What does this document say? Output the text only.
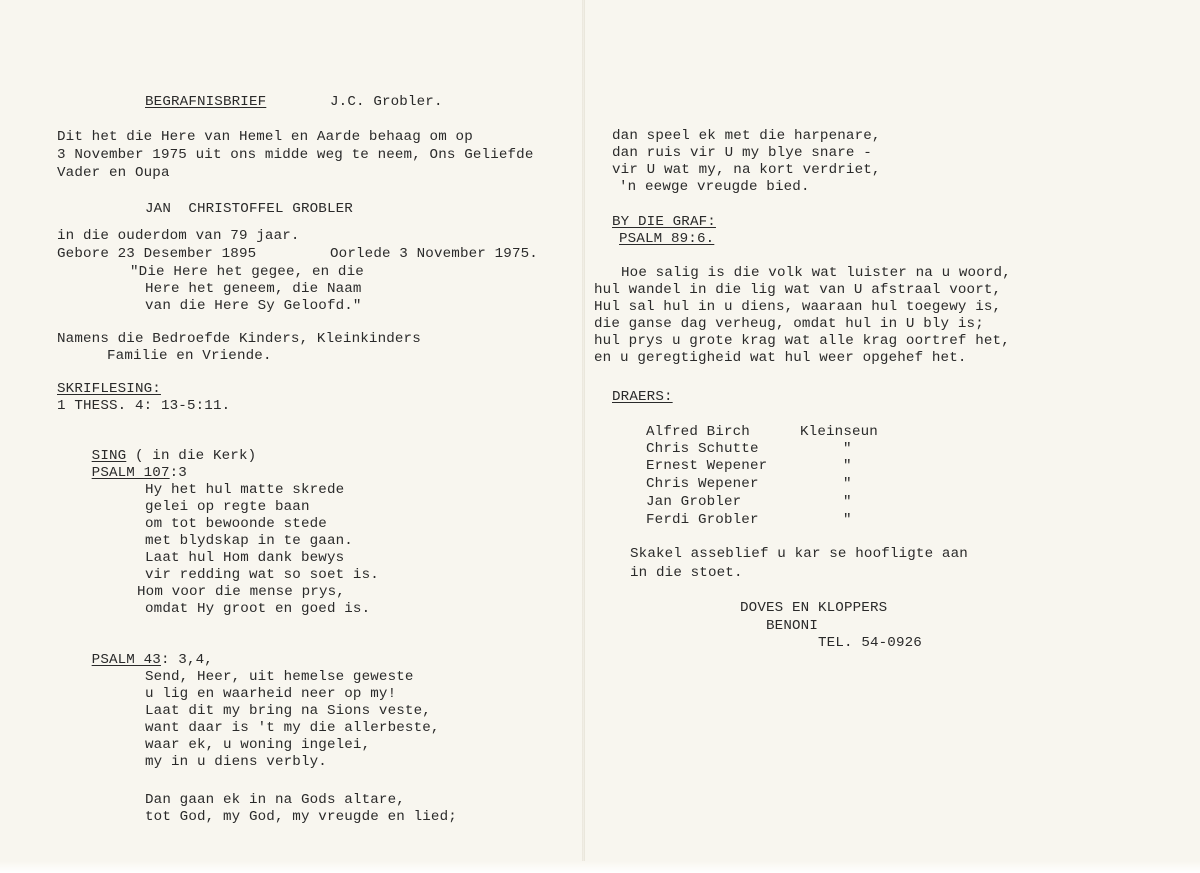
BEGRAFNISBRIEF	J.C. Grobler.
Dit het die Here van Hemel en Aarde behaag om op
3 November 1975 uit ons midde weg te neem, Ons Geliefde
Vader en Oupa
JAN  CHRISTOFFEL GROBLER
in die ouderdom van 79 jaar.
Gebore 23 Desember 1895	Oorlede 3 November 1975.
"Die Here het gegee, en die
Here het geneem, die Naam
van die Here Sy Geloofd."
Namens die Bedroefde Kinders, Kleinkinders
Familie en Vriende.
SKRIFLESING:
1 THESS. 4: 13-5:11.

SING ( in die Kerk)

PSALM 107:3

Hy het hul matte skrede
gelei op regte baan
om tot bewoonde stede
met blydskap in te gaan.
Laat hul Hom dank bewys
vir redding wat so soet is.
Hom voor die mense prys,
omdat Hy groot en goed is.

PSALM 43: 3,4,

Send, Heer, uit hemelse geweste
u lig en waarheid neer op my!
Laat dit my bring na Sions veste,
want daar is 't my die allerbeste,
waar ek, u woning ingelei,
my in u diens verbly.
Dan gaan ek in na Gods altare,
tot God, my God, my vreugde en lied;
dan speel ek met die harpenare,
dan ruis vir U my blye snare -
vir U wat my, na kort verdriet,
'n eewge vreugde bied.
BY DIE GRAF:
PSALM 89:6.
Hoe salig is die volk wat luister na u woord,
hul wandel in die lig wat van U afstraal voort,
Hul sal hul in u diens, waaraan hul toegewy is,
die ganse dag verheug, omdat hul in U bly is;
hul prys u grote krag wat alle krag oortref het,
en u geregtigheid wat hul weer opgehef het.
DRAERS:
Alfred Birch	Kleinseun
Chris Schutte	"
Ernest Wepener	"
Chris Wepener	"
Jan Grobler	"
Ferdi Grobler	"
Skakel asseblief u kar se hoofligte aan
in die stoet.
DOVES EN KLOPPERS
BENONI
TEL. 54-0926
